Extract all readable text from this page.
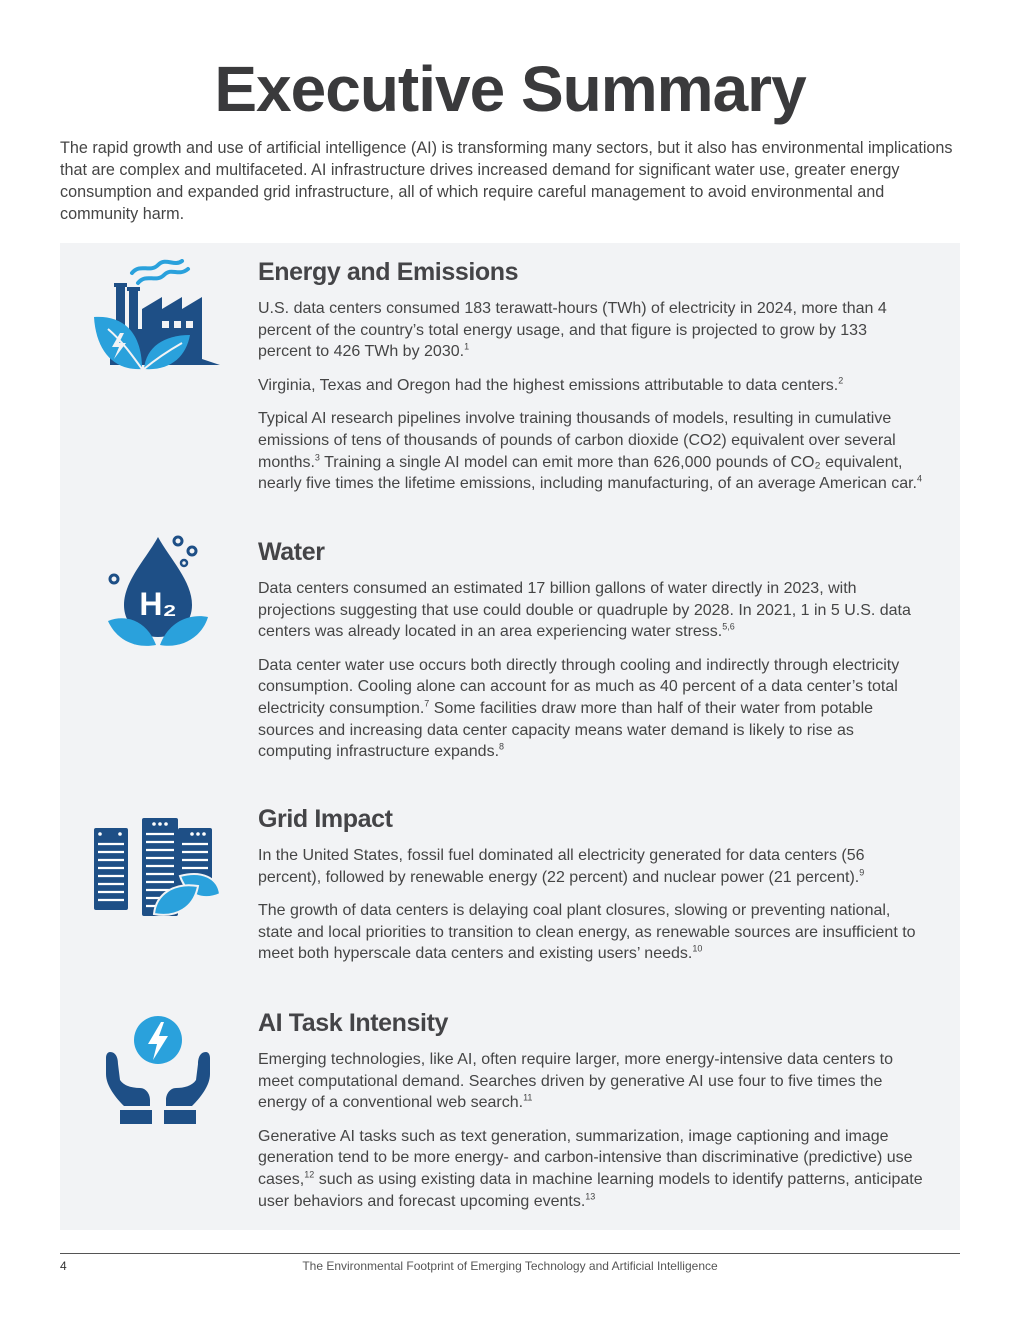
Executive Summary

The rapid growth and use of artificial intelligence (AI) is transforming many sectors, but it also has environmental implications that are complex and multifaceted. AI infrastructure drives increased demand for significant water use, greater energy consumption and expanded grid infrastructure, all of which require careful management to avoid environmental and community harm.

Energy and Emissions

U.S. data centers consumed 183 terawatt-hours (TWh) of electricity in 2024, more than 4 percent of the country’s total energy usage, and that figure is projected to grow by 133 percent to 426 TWh by 2030.$^1$

Virginia, Texas and Oregon had the highest emissions attributable to data centers.$^2$

Typical AI research pipelines involve training thousands of models, resulting in cumulative emissions of tens of thousands of pounds of carbon dioxide (CO2) equivalent over several months.$^3$ Training a single AI model can emit more than 626,000 pounds of CO₂ equivalent, nearly five times the lifetime emissions, including manufacturing, of an average American car.$^4$

H₂
Water

Data centers consumed an estimated 17 billion gallons of water directly in 2023, with projections suggesting that use could double or quadruple by 2028. In 2021, 1 in 5 U.S. data centers was already located in an area experiencing water stress.$^{5,6}$

Data center water use occurs both directly through cooling and indirectly through electricity consumption. Cooling alone can account for as much as 40 percent of a data center’s total electricity consumption.$^7$ Some facilities draw more than half of their water from potable sources and increasing data center capacity means water demand is likely to rise as computing infrastructure expands.$^8$

Grid Impact

In the United States, fossil fuel dominated all electricity generated for data centers (56 percent), followed by renewable energy (22 percent) and nuclear power (21 percent).$^9$

The growth of data centers is delaying coal plant closures, slowing or preventing national, state and local priorities to transition to clean energy, as renewable sources are insufficient to meet both hyperscale data centers and existing users’ needs.$^{10}$

AI Task Intensity

Emerging technologies, like AI, often require larger, more energy-intensive data centers to meet computational demand. Searches driven by generative AI use four to five times the energy of a conventional web search.$^{11}$

Generative AI tasks such as text generation, summarization, image captioning and image generation tend to be more energy- and carbon-intensive than discriminative (predictive) use cases,$^{12}$ such as using existing data in machine learning models to identify patterns, anticipate user behaviors and forecast upcoming events.$^{13}$

4	The Environmental Footprint of Emerging Technology and Artificial Intelligence
